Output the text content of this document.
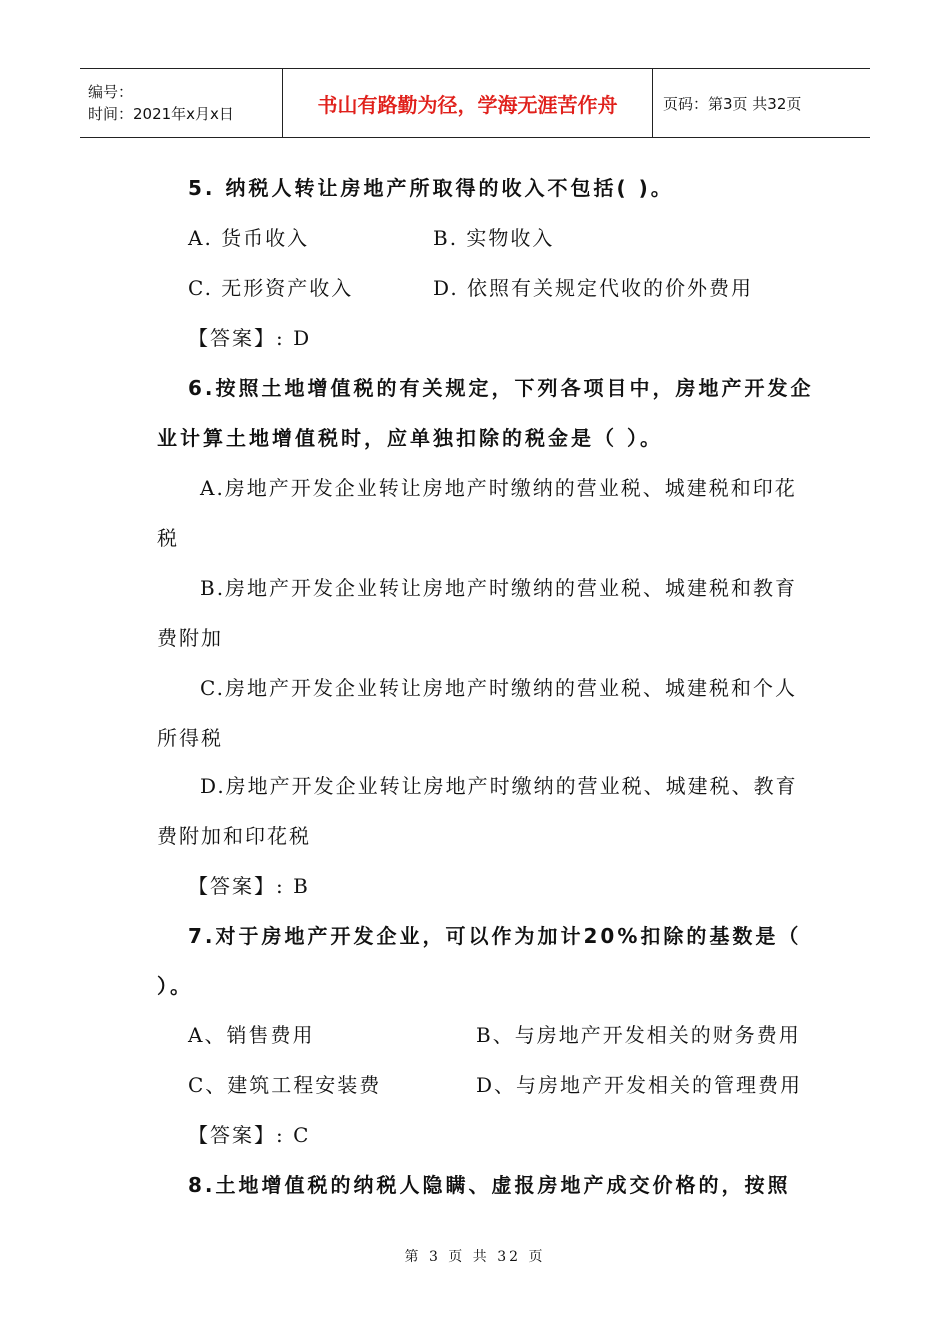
编号：
时间：2021年x月x日	书山有路勤为径，学海无涯苦作舟	页码：第3页 共32页
5. 纳税人转让房地产所取得的收入不包括( )。
A. 货币收入	B. 实物收入
C. 无形资产收入	D. 依照有关规定代收的价外费用
【答案】: D
6.按照土地增值税的有关规定，下列各项目中，房地产开发企
业计算土地增值税时，应单独扣除的税金是（ ）。
A.房地产开发企业转让房地产时缴纳的营业税、城建税和印花
税
B.房地产开发企业转让房地产时缴纳的营业税、城建税和教育
费附加
C.房地产开发企业转让房地产时缴纳的营业税、城建税和个人
所得税
D.房地产开发企业转让房地产时缴纳的营业税、城建税、教育
费附加和印花税
【答案】: B
7.对于房地产开发企业，可以作为加计20%扣除的基数是（
）。
A、销售费用	B、与房地产开发相关的财务费用
C、建筑工程安装费	D、与房地产开发相关的管理费用
【答案】: C
8.土地增值税的纳税人隐瞒、虚报房地产成交价格的，按照
第 3 页 共 32 页
